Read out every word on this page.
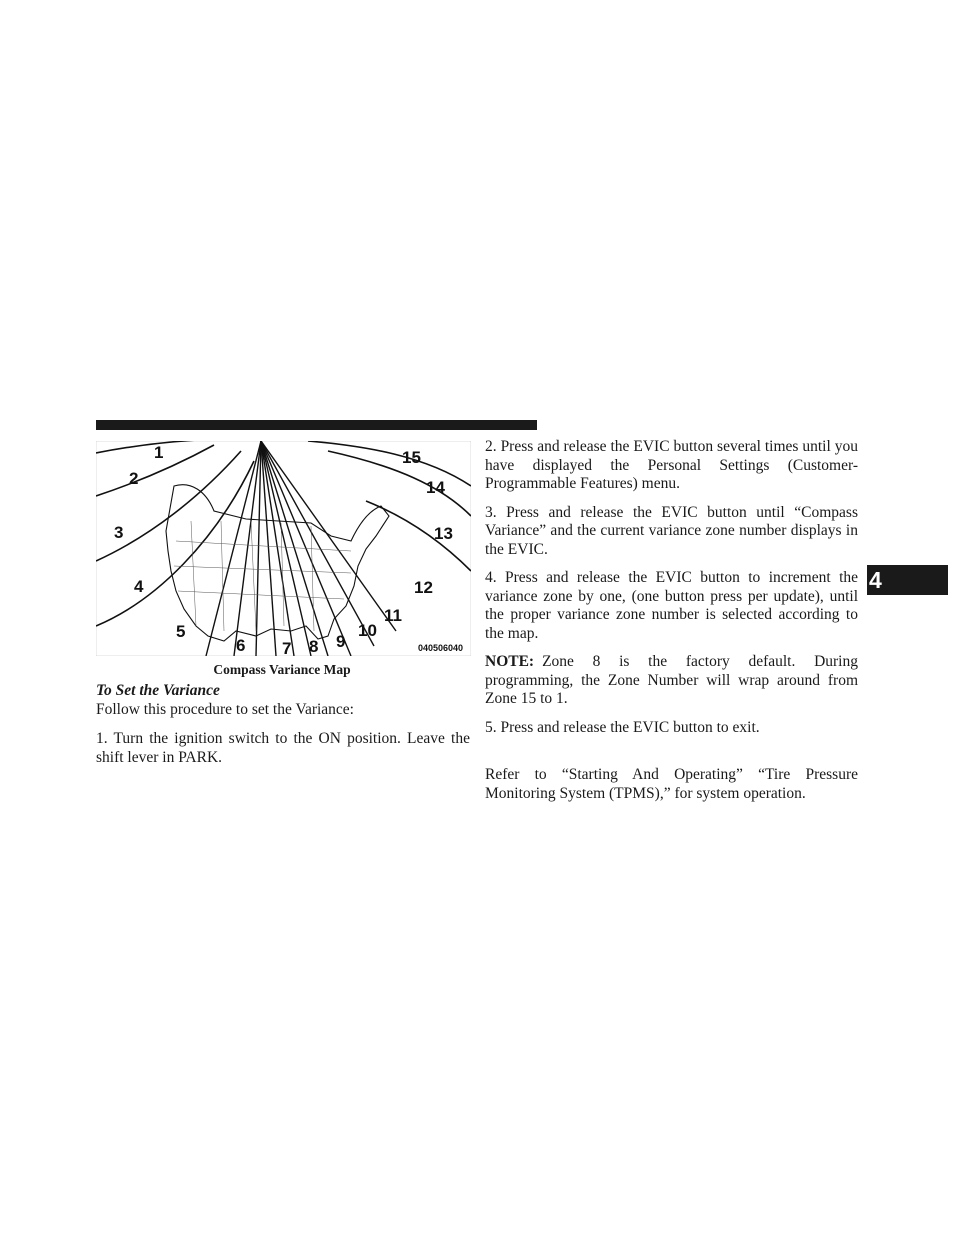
1
2
3
4
5
6 7 8 9
10
11
12
13
14
15
040506040
Compass Variance Map

To Set the Variance

Follow this procedure to set the Variance:

1. Turn the ignition switch to the ON position. Leave the shift lever in PARK.

2. Press and release the EVIC button several times until you have displayed the Personal Settings (Customer-Programmable Features) menu.

3. Press and release the EVIC button until “Compass Variance” and the current variance zone number displays in the EVIC.

4. Press and release the EVIC button to increment the variance zone by one, (one button press per update), until the proper variance zone number is selected according to the map.

NOTE: Zone 8 is the factory default. During programming, the Zone Number will wrap around from Zone 15 to 1.

5. Press and release the EVIC button to exit.

Refer to “Starting And Operating” “Tire Pressure Monitoring System (TPMS),” for system operation.

4
